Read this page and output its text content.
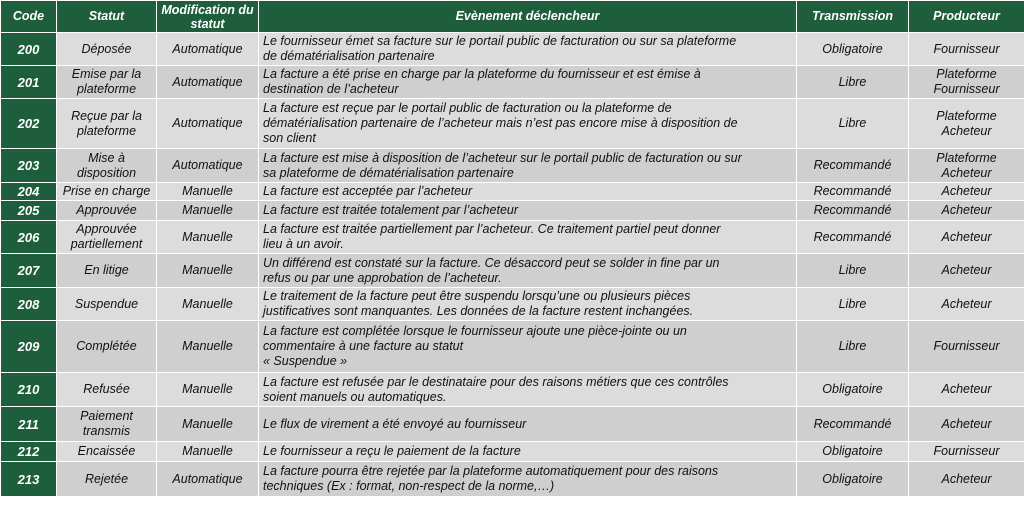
Code	Statut	Modification du statut	Evènement déclencheur	Transmission	Producteur
200	Déposée	Automatique	Le fournisseur émet sa facture sur le portail public de facturation ou sur sa plateforme
de dématérialisation partenaire	Obligatoire	Fournisseur
201	Emise par la
plateforme	Automatique	La facture a été prise en charge par la plateforme du fournisseur et est émise à
destination de l’acheteur	Libre	Plateforme
Fournisseur
202	Reçue par la
plateforme	Automatique	La facture est reçue par le portail public de facturation ou la plateforme de
dématérialisation partenaire de l’acheteur mais n’est pas encore mise à disposition de
son client	Libre	Plateforme
Acheteur
203	Mise à
disposition	Automatique	La facture est mise à disposition de l’acheteur sur le portail public de facturation ou sur
sa plateforme de dématérialisation partenaire	Recommandé	Plateforme
Acheteur
204	Prise en charge	Manuelle	La facture est acceptée par l’acheteur	Recommandé	Acheteur
205	Approuvée	Manuelle	La facture est traitée totalement par l’acheteur	Recommandé	Acheteur
206	Approuvée
partiellement	Manuelle	La facture est traitée partiellement par l’acheteur. Ce traitement partiel peut donner
lieu à un avoir.	Recommandé	Acheteur
207	En litige	Manuelle	Un différend est constaté sur la facture. Ce désaccord peut se solder in fine par un
refus ou par une approbation de l’acheteur.	Libre	Acheteur
208	Suspendue	Manuelle	Le traitement de la facture peut être suspendu lorsqu’une ou plusieurs pièces
justificatives sont manquantes. Les données de la facture restent inchangées.	Libre	Acheteur
209	Complétée	Manuelle	La facture est complétée lorsque le fournisseur ajoute une pièce-jointe ou un
commentaire à une facture au statut
« Suspendue »	Libre	Fournisseur
210	Refusée	Manuelle	La facture est refusée par le destinataire pour des raisons métiers que ces contrôles
soient manuels ou automatiques.	Obligatoire	Acheteur
211	Paiement
transmis	Manuelle	Le flux de virement a été envoyé au fournisseur	Recommandé	Acheteur
212	Encaissée	Manuelle	Le fournisseur a reçu le paiement de la facture	Obligatoire	Fournisseur
213	Rejetée	Automatique	La facture pourra être rejetée par la plateforme automatiquement pour des raisons
techniques (Ex : format, non-respect de la norme,…)	Obligatoire	Acheteur
